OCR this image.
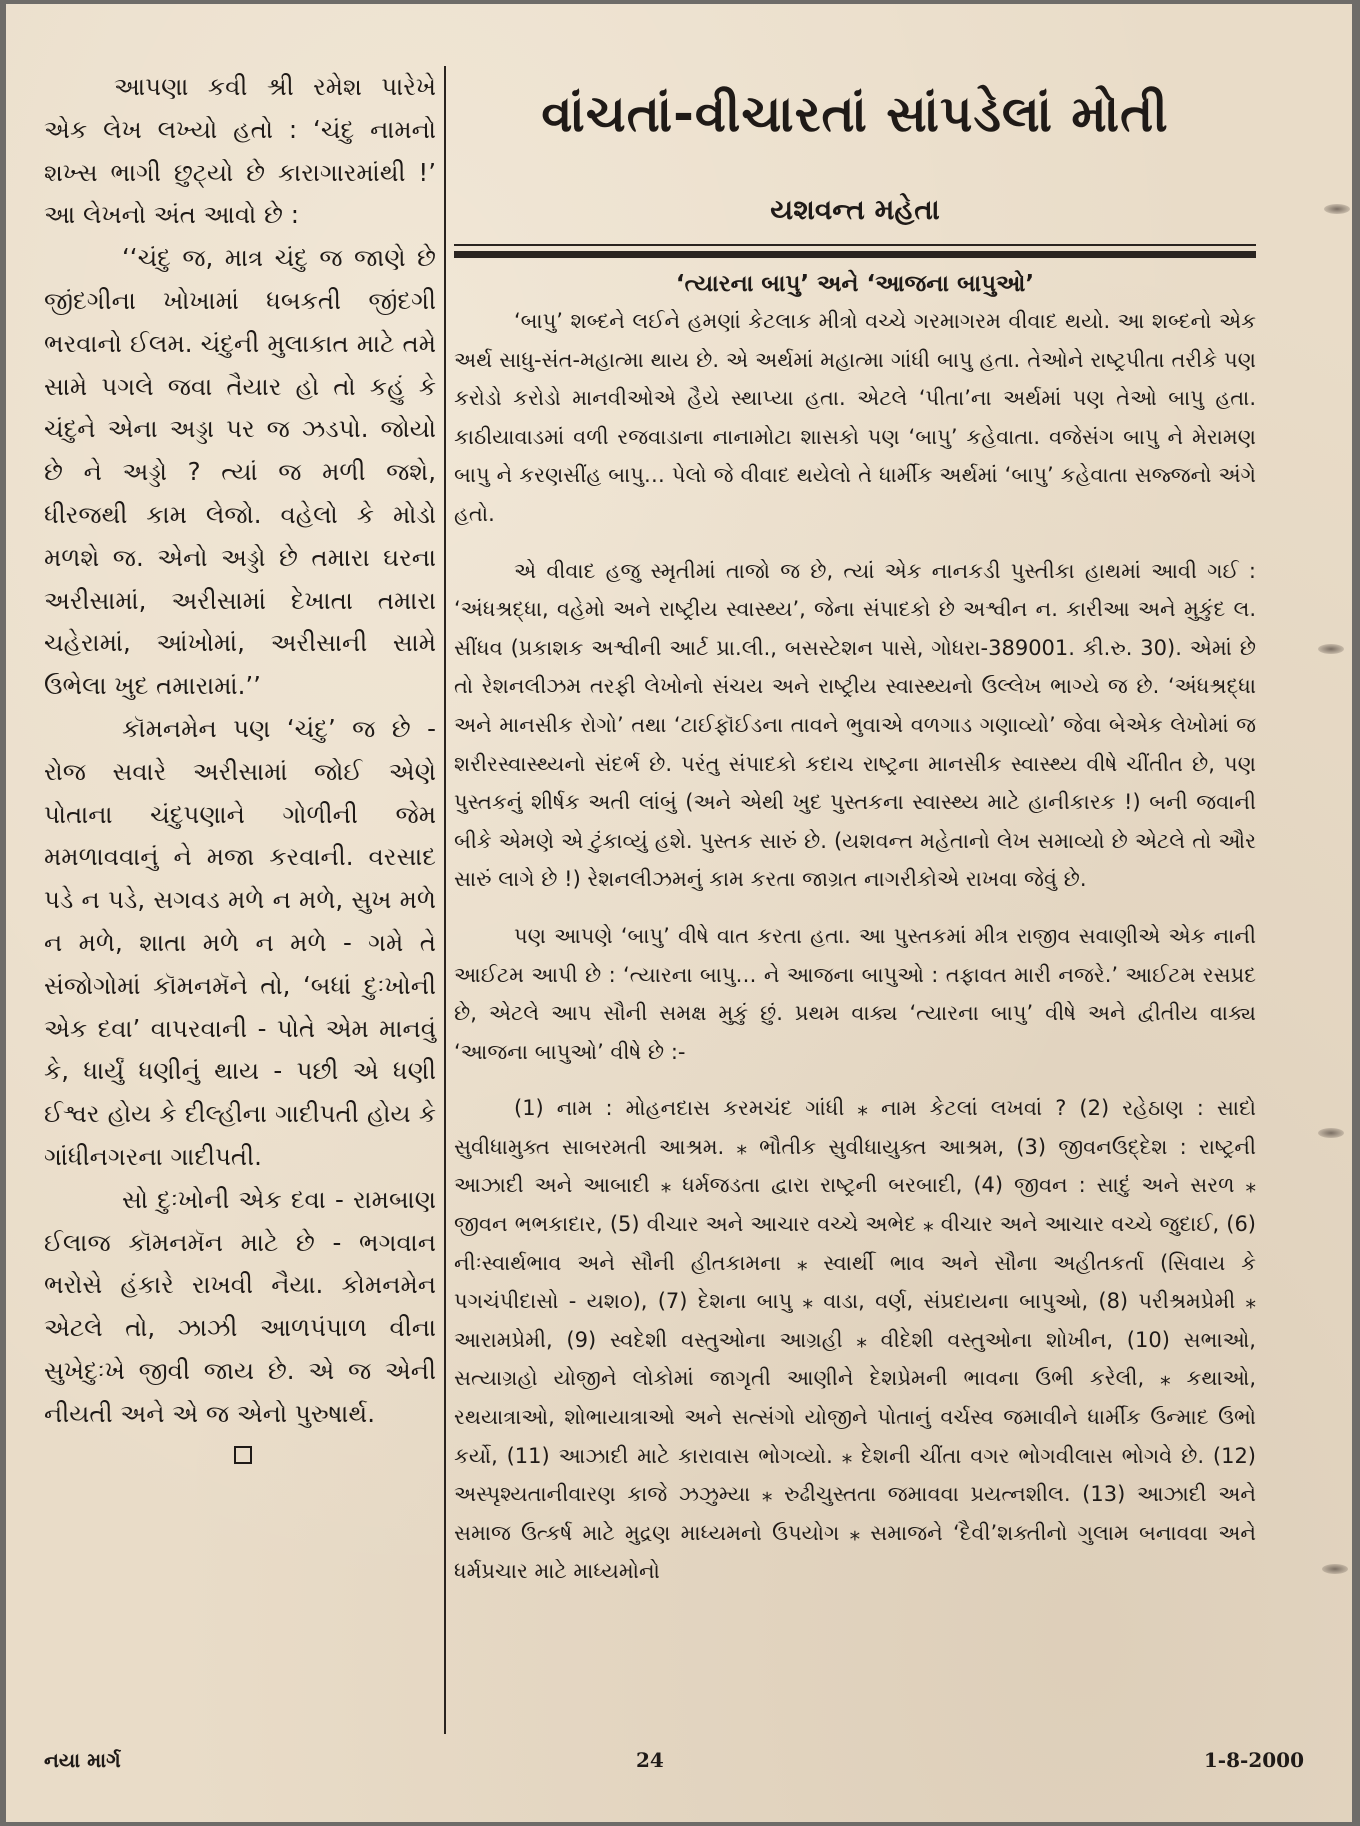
આપણા કવી શ્રી રમેશ પારેખે એક લેખ લખ્યો હતો : ‘ચંદુ નામનો શખ્સ ભાગી છુટ્યો છે કારાગારમાંથી !’ આ લેખનો અંત આવો છે :

‘‘ચંદુ જ, માત્ર ચંદુ જ જાણે છે જીંદગીના ખોખામાં ધબકતી જીંદગી ભરવાનો ઈલમ. ચંદુની મુલાકાત માટે તમે સામે પગલે જવા તૈયાર હો તો કહું કે ચંદુને એના અડ્ડા પર જ ઝડપો. જોયો છે ને અડ્ડો ? ત્યાં જ મળી જશે, ધીરજથી કામ લેજો. વહેલો કે મોડો મળશે જ. એનો અડ્ડો છે તમારા ઘરના અરીસામાં, અરીસામાં દેખાતા તમારા ચહેરામાં, આંખોમાં, અરીસાની સામે ઉભેલા ખુદ તમારામાં.’’

કૉમનમેન પણ ‘ચંદુ’ જ છે - રોજ સવારે અરીસામાં જોઈ એણે પોતાના ચંદુપણાને ગોળીની જેમ મમળાવવાનું ને મજા કરવાની. વરસાદ પડે ન પડે, સગવડ મળે ન મળે, સુખ મળે ન મળે, શાતા મળે ન મળે - ગમે તે સંજોગોમાં કૉમનમૅને તો, ‘બધાં દુઃખોની એક દવા’ વાપરવાની - પોતે એમ માનવું કે, ધાર્યું ધણીનું થાય - પછી એ ધણી ઈશ્વર હોય કે દીલ્હીના ગાદીપતી હોય કે ગાંધીનગરના ગાદીપતી.

સો દુઃખોની એક દવા - રામબાણ ઈલાજ કૉમનમૅન માટે છે - ભગવાન ભરોસે હંકારે રાખવી નૈયા. કોમનમેન એટલે તો, ઝાઝી આળપંપાળ વીના સુખેદુઃખે જીવી જાય છે. એ જ એની નીયતી અને એ જ એનો પુરુષાર્થ.

વાંચતાં-વીચારતાં સાંપડેલાં મોતી
યશવન્ત મહેતા
‘ત્યારના બાપુ’ અને ‘આજના બાપુઓ’

‘બાપુ’ શબ્દને લઈને હમણાં કેટલાક મીત્રો વચ્ચે ગરમાગરમ વીવાદ થયો. આ શબ્દનો એક અર્થ સાધુ-સંત-મહાત્મા થાય છે. એ અર્થમાં મહાત્મા ગાંધી બાપુ હતા. તેઓને રાષ્ટ્રપીતા તરીકે પણ કરોડો કરોડો માનવીઓએ હૈયે સ્થાપ્યા હતા. એટલે ‘પીતા’ના અર્થમાં પણ તેઓ બાપુ હતા. કાઠીયાવાડમાં વળી રજવાડાના નાનામોટા શાસકો પણ ‘બાપુ’ કહેવાતા. વજેસંગ બાપુ ને મેરામણ બાપુ ને કરણસીંહ બાપુ… પેલો જે વીવાદ થયેલો તે ધાર્મીક અર્થમાં ‘બાપુ’ કહેવાતા સજ્જનો અંગે હતો.

એ વીવાદ હજુ સ્મૃતીમાં તાજો જ છે, ત્યાં એક નાનકડી પુસ્તીકા હાથમાં આવી ગઈ : ‘અંધશ્રદ્ધા, વહેમો અને રાષ્ટ્રીય સ્વાસ્થ્ય’, જેના સંપાદકો છે અશ્વીન ન. કારીઆ અને મુકુંદ લ. સીંધવ (પ્રકાશક અશ્વીની આર્ટ પ્રા.લી., બસસ્ટેશન પાસે, ગોધરા-389001. કી.રુ. 30). એમાં છે તો રેશનલીઝમ તરફી લેખોનો સંચય અને રાષ્ટ્રીય સ્વાસ્થ્યનો ઉલ્લેખ ભાગ્યે જ છે. ‘અંધશ્રદ્ધા અને માનસીક રોગો’ તથા ‘ટાઈફૉઈડના તાવને ભુવાએ વળગાડ ગણાવ્યો’ જેવા બેએક લેખોમાં જ શરીરસ્વાસ્થ્યનો સંદર્ભ છે. પરંતુ સંપાદકો કદાચ રાષ્ટ્રના માનસીક સ્વાસ્થ્ય વીષે ચીંતીત છે, પણ પુસ્તકનું શીર્ષક અતી લાંબું (અને એથી ખુદ પુસ્તકના સ્વાસ્થ્ય માટે હાનીકારક !) બની જવાની બીકે એમણે એ ટુંકાવ્યું હશે. પુસ્તક સારું છે. (યશવન્ત મહેતાનો લેખ સમાવ્યો છે એટલે તો ઔર સારું લાગે છે !) રેશનલીઝમનું કામ કરતા જાગ્રત નાગરીકોએ રાખવા જેવું છે.

પણ આપણે ‘બાપુ’ વીષે વાત કરતા હતા. આ પુસ્તકમાં મીત્ર રાજીવ સવાણીએ એક નાની આઈટમ આપી છે : ‘ત્યારના બાપુ… ને આજના બાપુઓ : તફાવત મારી નજરે.’ આઈટમ રસપ્રદ છે, એટલે આપ સૌની સમક્ષ મુકું છું. પ્રથમ વાક્ય ‘ત્યારના બાપુ’ વીષે અને દ્વીતીય વાક્ય ‘આજના બાપુઓ’ વીષે છે :-

(1) નામ : મોહનદાસ કરમચંદ ગાંધી ⁎ નામ કેટલાં લખવાં ? (2) રહેઠાણ : સાદો સુવીધામુક્ત સાબરમતી આશ્રમ. ⁎ ભૌતીક સુવીધાયુક્ત આશ્રમ, (3) જીવનઉદ્દેશ : રાષ્ટ્રની આઝાદી અને આબાદી ⁎ ધર્મજડતા દ્વારા રાષ્ટ્રની બરબાદી, (4) જીવન : સાદું અને સરળ ⁎ જીવન ભભકાદાર, (5) વીચાર અને આચાર વચ્ચે અભેદ ⁎ વીચાર અને આચાર વચ્ચે જુદાઈ, (6) નીઃસ્વાર્થભાવ અને સૌની હીતકામના ⁎ સ્વાર્થી ભાવ અને સૌના અહીતકર્તા (સિવાય કે પગચંપીદાસો - યશ૦), (7) દેશના બાપુ ⁎ વાડા, વર્ણ, સંપ્રદાયના બાપુઓ, (8) પરીશ્રમપ્રેમી ⁎ આરામપ્રેમી, (9) સ્વદેશી વસ્તુઓના આગ્રહી ⁎ વીદેશી વસ્તુઓના શોખીન, (10) સભાઓ, સત્યાગ્રહો યોજીને લોકોમાં જાગૃતી આણીને દેશપ્રેમની ભાવના ઉભી કરેલી, ⁎ કથાઓ, રથયાત્રાઓ, શોભાયાત્રાઓ અને સત્સંગો યોજીને પોતાનું વર્ચસ્વ જમાવીને ધાર્મીક ઉન્માદ ઉભો કર્યો, (11) આઝાદી માટે કારાવાસ ભોગવ્યો. ⁎ દેશની ચીંતા વગર ભોગવીલાસ ભોગવે છે. (12) અસ્પૃશ્યતાનીવારણ કાજે ઝઝુમ્યા ⁎ રુઢીચુસ્તતા જમાવવા પ્રયત્નશીલ. (13) આઝાદી અને સમાજ ઉત્કર્ષ માટે મુદ્રણ માધ્યમનો ઉપયોગ ⁎ સમાજને ‘દૈવી’શક્તીનો ગુલામ બનાવવા અને ધર્મપ્રચાર માટે માધ્યમોનો

નયા માર્ગ	24	1-8-2000
